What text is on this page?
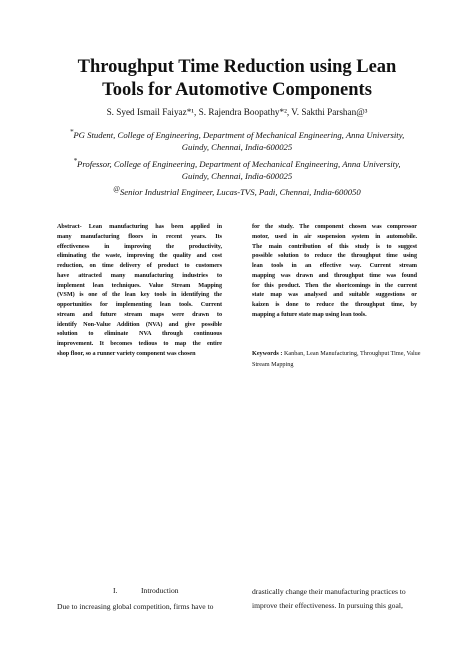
Throughput Time Reduction using Lean
Tools for Automotive Components
S. Syed Ismail Faiyaz*¹, S. Rajendra Boopathy*², V. Sakthi Parshan@³
*PG Student, College of Engineering, Department of Mechanical Engineering, Anna University,
Guindy, Chennai, India-600025
*Professor, College of Engineering, Department of Mechanical Engineering, Anna University,
Guindy, Chennai, India-600025
@Senior Industrial Engineer, Lucas-TVS, Padi, Chennai, India-600050
Abstract- Lean manufacturing has been applied in
many manufacturing floors in recent years. Its
effectiveness in improving the productivity,
eliminating the waste, improving the quality and cost
reduction, on time delivery of product to customers
have attracted many manufacturing industries to
implement lean techniques. Value Stream Mapping
(VSM) is one of the lean key tools in identifying the
opportunities for implementing lean tools. Current
stream and future stream maps were drawn to
identify Non-Value Addition (NVA) and give possible
solution to eliminate NVA through continuous
improvement. It becomes tedious to map the entire
shop floor, so a runner variety component was chosen
for the study. The component chosen was compressor
motor, used in air suspension system in automobile.
The main contribution of this study is to suggest
possible solution to reduce the throughput time using
lean tools in an effective way. Current stream
mapping was drawn and throughput time was found
for this product. Then the shortcomings in the current
state map was analysed and suitable suggestions or
kaizen is done to reduce the throughput time, by
mapping a future state map using lean tools.
Keywords : Kanban, Lean Manufacturing, Throughput Time, Value Stream Mapping
I.	Introduction
Due to increasing global competition, firms have to
drastically change their manufacturing practices to
improve their effectiveness. In pursuing this goal,
